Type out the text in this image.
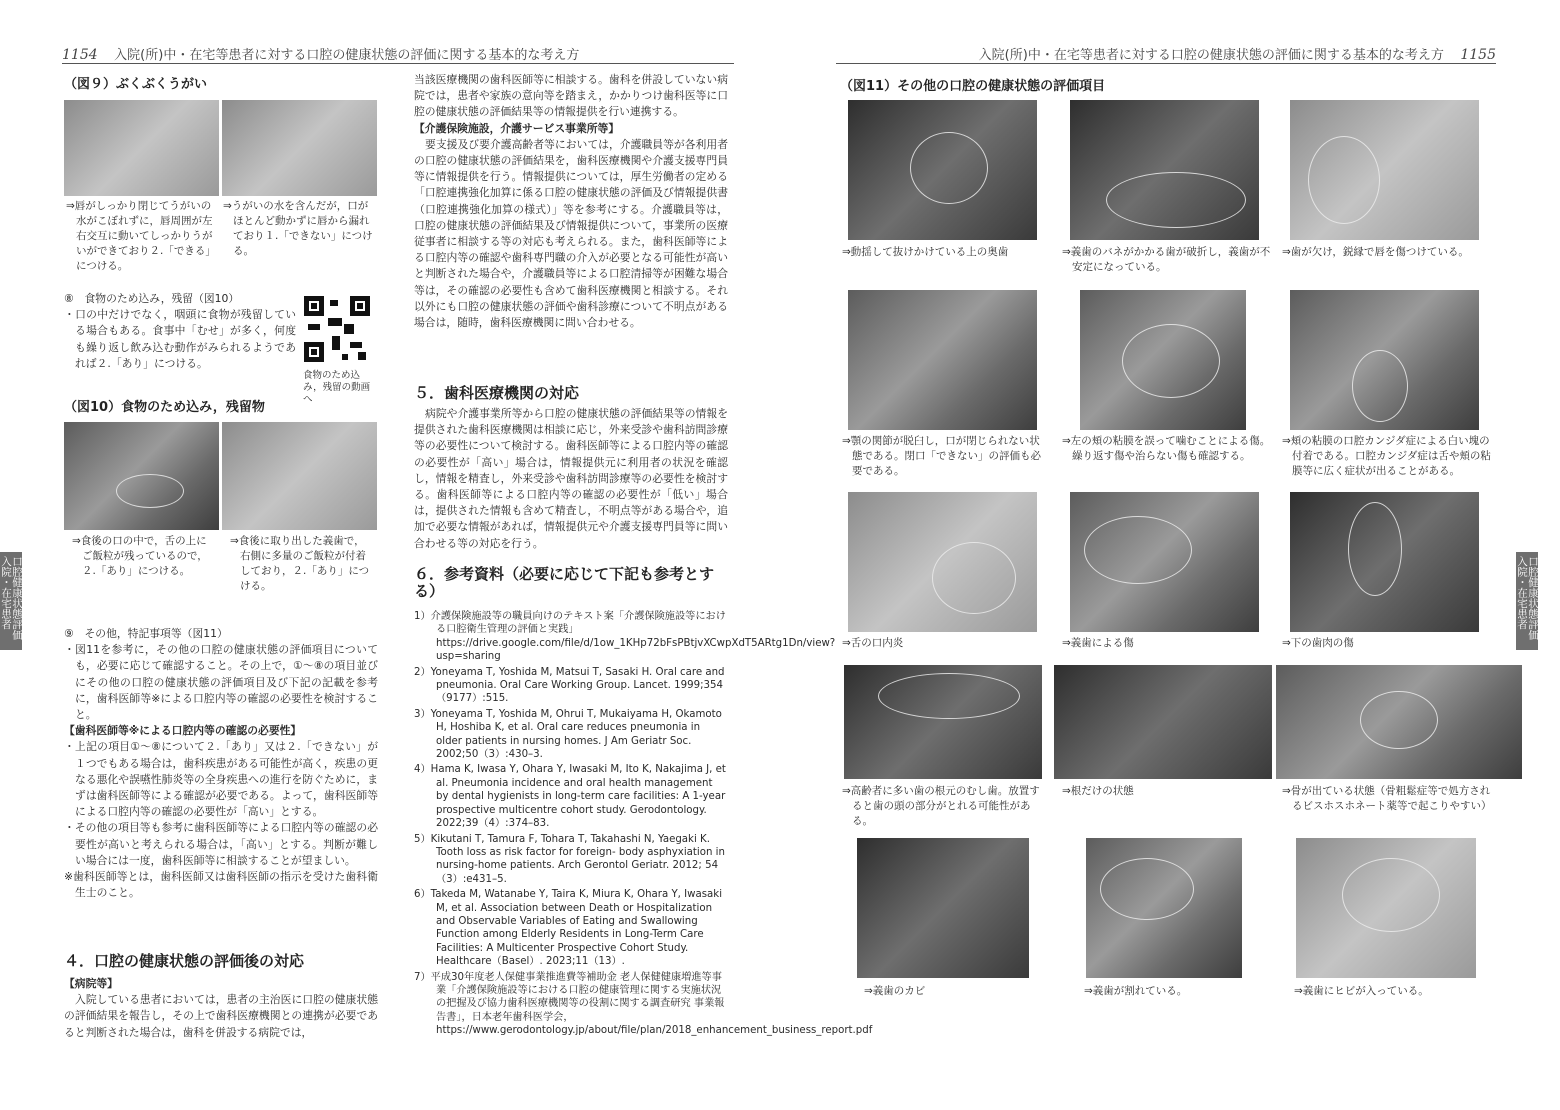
1154 入院(所)中・在宅等患者に対する口腔の健康状態の評価に関する基本的な考え方
（図９）ぶくぶくうがい
⇒唇がしっかり閉じてうがいの水がこぼれずに，唇周囲が左右交互に動いてしっかりうがいができており２.「できる」につける。
⇒うがいの水を含んだが，口がほとんど動かずに唇から漏れており１.「できない」につける。

⑧　食物のため込み，残留（図10）

・口の中だけでなく，咽頭に食物が残留している場合もある。食事中「むせ」が多く，何度も繰り返し飲み込む動作がみられるようであれば２.「あり」につける。

食物のため込み，残留の動画へ
（図10）食物のため込み，残留物
⇒食後の口の中で，舌の上にご飯粒が残っているので，２.「あり」につける。
⇒食後に取り出した義歯で，右側に多量のご飯粒が付着しており，２.「あり」につける。

⑨　その他，特記事項等（図11）

・図11を参考に，その他の口腔の健康状態の評価項目についても，必要に応じて確認すること。その上で，①〜⑧の項目並びにその他の口腔の健康状態の評価項目及び下記の記載を参考に，歯科医師等※による口腔内等の確認の必要性を検討すること。

【歯科医師等※による口腔内等の確認の必要性】

・上記の項目①〜⑧について２.「あり」又は２.「できない」が１つでもある場合は，歯科疾患がある可能性が高く，疾患の更なる悪化や誤嚥性肺炎等の全身疾患への進行を防ぐために，まずは歯科医師等による確認が必要である。よって，歯科医師等による口腔内等の確認の必要性が「高い」とする。

・その他の項目等も参考に歯科医師等による口腔内等の確認の必要性が高いと考えられる場合は，「高い」とする。判断が難しい場合には一度，歯科医師等に相談することが望ましい。

※歯科医師等とは，歯科医師又は歯科医師の指示を受けた歯科衛生士のこと。

４．口腔の健康状態の評価後の対応

【病院等】

入院している患者においては，患者の主治医に口腔の健康状態の評価結果を報告し，その上で歯科医療機関との連携が必要であると判断された場合は，歯科を併設する病院では，

当該医療機関の歯科医師等に相談する。歯科を併設していない病院では，患者や家族の意向等を踏まえ，かかりつけ歯科医等に口腔の健康状態の評価結果等の情報提供を行い連携する。

【介護保険施設，介護サービス事業所等】

要支援及び要介護高齢者等においては，介護職員等が各利用者の口腔の健康状態の評価結果を，歯科医療機関や介護支援専門員等に情報提供を行う。情報提供については，厚生労働者の定める「口腔連携強化加算に係る口腔の健康状態の評価及び情報提供書（口腔連携強化加算の様式）」等を参考にする。介護職員等は，口腔の健康状態の評価結果及び情報提供について，事業所の医療従事者に相談する等の対応も考えられる。また，歯科医師等による口腔内等の確認や歯科専門職の介入が必要となる可能性が高いと判断された場合や，介護職員等による口腔清掃等が困難な場合等は，その確認の必要性も含めて歯科医療機関と相談する。それ以外にも口腔の健康状態の評価や歯科診療について不明点がある場合は，随時，歯科医療機関に問い合わせる。

５．歯科医療機関の対応

病院や介護事業所等から口腔の健康状態の評価結果等の情報を提供された歯科医療機関は相談に応じ，外来受診や歯科訪問診療等の必要性について検討する。歯科医師等による口腔内等の確認の必要性が「高い」場合は，情報提供元に利用者の状況を確認し，情報を精査し，外来受診や歯科訪問診療等の必要性を検討する。歯科医師等による口腔内等の確認の必要性が「低い」場合は，提供された情報も含めて精査し，不明点等がある場合や，追加で必要な情報があれば，情報提供元や介護支援専門員等に問い合わせる等の対応を行う。

６．参考資料（必要に応じて下記も参考とする）
1）介護保険施設等の職員向けのテキスト案「介護保険施設等における口腔衛生管理の評価と実践」https://drive.google.com/file/d/1ow_1KHp72bFsPBtjvXCwpXdT5ARtg1Dn/view? usp=sharing
2）Yoneyama T, Yoshida M, Matsui T, Sasaki H. Oral care and pneumonia. Oral Care Working Group. Lancet. 1999;354（9177）:515.
3）Yoneyama T, Yoshida M, Ohrui T, Mukaiyama H, Okamoto H, Hoshiba K, et al. Oral care reduces pneumonia in older patients in nursing homes. J Am Geriatr Soc. 2002;50（3）:430–3.
4）Hama K, Iwasa Y, Ohara Y, Iwasaki M, Ito K, Nakajima J, et al. Pneumonia incidence and oral health management by dental hygienists in long-term care facilities: A 1-year prospective multicentre cohort study. Gerodontology. 2022;39（4）:374–83.
5）Kikutani T, Tamura F, Tohara T, Takahashi N, Yaegaki K. Tooth loss as risk factor for foreign- body asphyxiation in nursing-home patients. Arch Gerontol Geriatr. 2012; 54（3）:e431–5.
6）Takeda M, Watanabe Y, Taira K, Miura K, Ohara Y, Iwasaki M, et al. Association between Death or Hospitalization and Observable Variables of Eating and Swallowing Function among Elderly Residents in Long-Term Care Facilities: A Multicenter Prospective Cohort Study. Healthcare（Basel）. 2023;11（13）.
7）平成30年度老人保健事業推進費等補助金 老人保健健康増進等事業「介護保険施設等における口腔の健康管理に関する実施状況の把握及び協力歯科医療機関等の役割に関する調査研究 事業報告書」，日本老年歯科医学会，https://www.gerodontology.jp/about/file/plan/2018_enhancement_business_report.pdf
口腔健康状態評価 入院・在宅患者
入院(所)中・在宅等患者に対する口腔の健康状態の評価に関する基本的な考え方 1155
（図11）その他の口腔の健康状態の評価項目
⇒動揺して抜けかけている上の奥歯	⇒義歯のバネがかかる歯が破折し，義歯が不安定になっている。
⇒歯が欠け，鋭縁で唇を傷つけている。
⇒顎の関節が脱臼し，口が閉じられない状態である。閉口「できない」の評価も必要である。
⇒左の頬の粘膜を誤って噛むことによる傷。繰り返す傷や治らない傷も確認する。
⇒頬の粘膜の口腔カンジダ症による白い塊の付着である。口腔カンジダ症は舌や頬の粘膜等に広く症状が出ることがある。
⇒舌の口内炎	⇒義歯による傷	⇒下の歯肉の傷
⇒高齢者に多い歯の根元のむし歯。放置すると歯の頭の部分がとれる可能性がある。
⇒根だけの状態	⇒骨が出ている状態（骨粗鬆症等で処方されるビスホスホネート薬等で起こりやすい）
⇒義歯のカビ	⇒義歯が割れている。	⇒義歯にヒビが入っている。
口腔健康状態評価 入院・在宅患者
